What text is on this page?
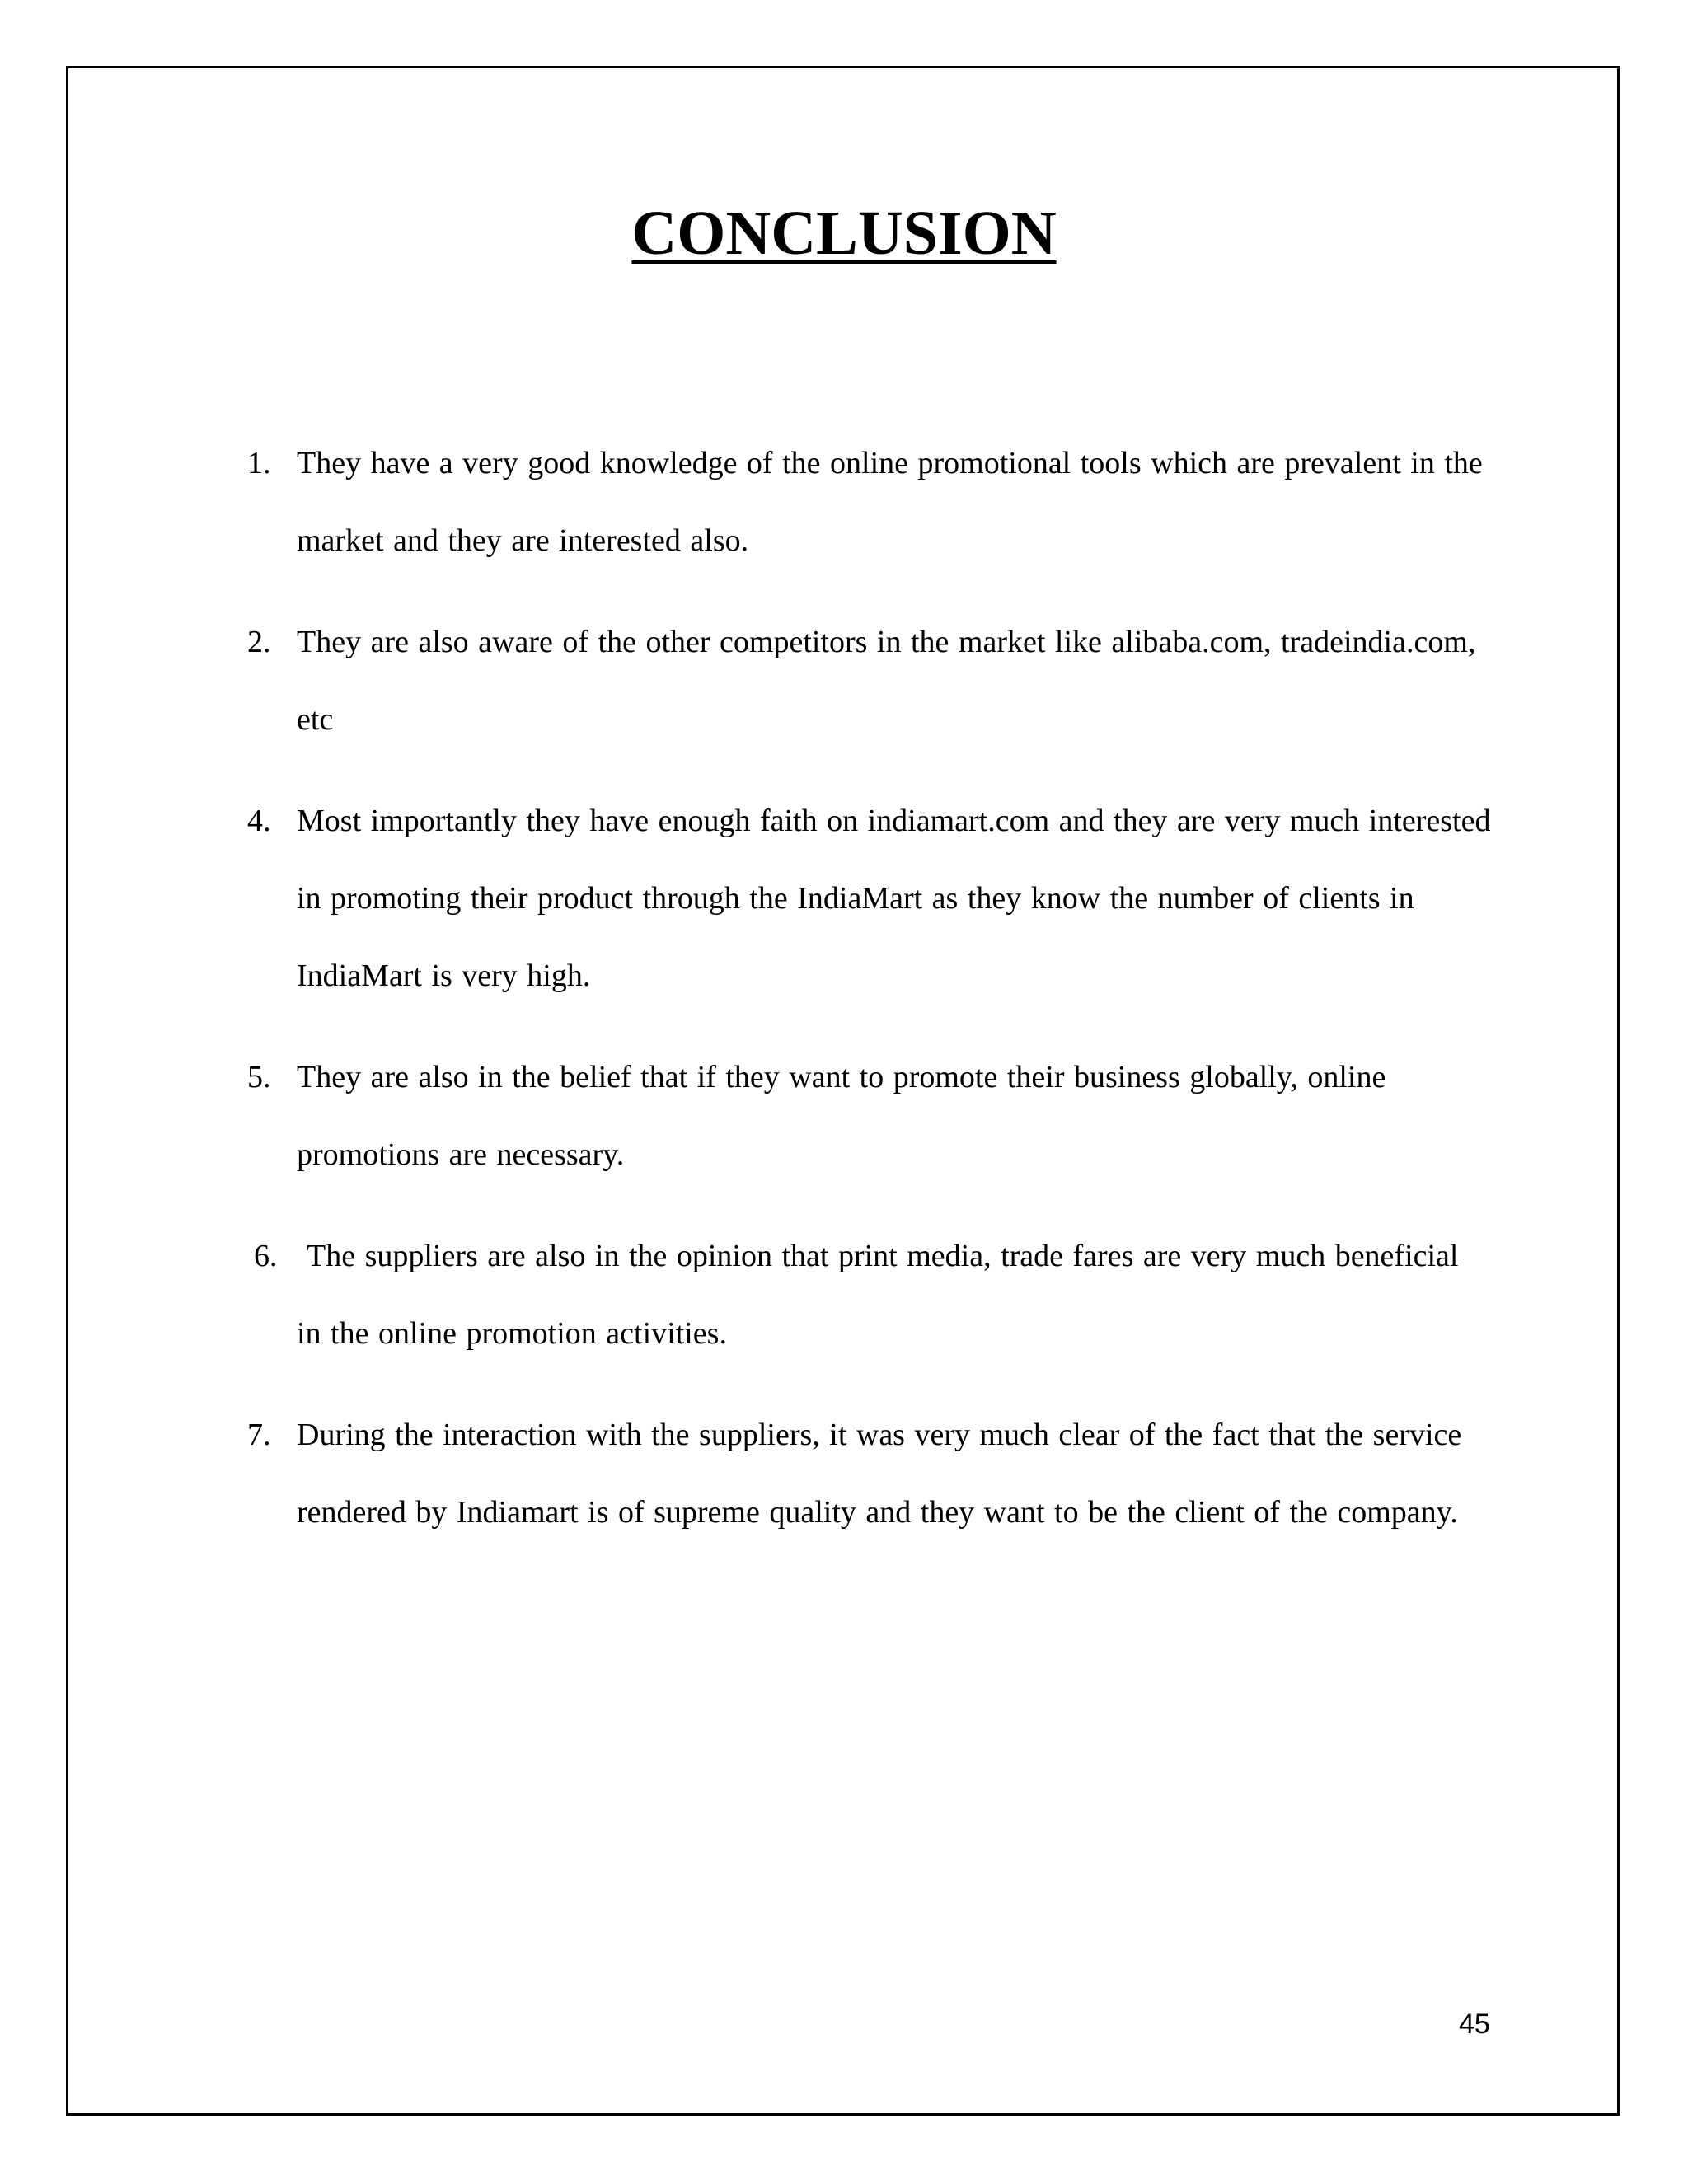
CONCLUSION
1. They have a very good knowledge of the online promotional tools which are prevalent in the market and they are interested also.
2. They are also aware of the other competitors in the market like alibaba.com, tradeindia.com, etc
4. Most importantly they have enough faith on indiamart.com and they are very much interested in promoting their product through the IndiaMart as they know the number of clients in IndiaMart is very high.
5. They are also in the belief that if they want to promote their business globally, online promotions are necessary.
6. The suppliers are also in the opinion that print media, trade fares are very much beneficial in the online promotion activities.
7. During the interaction with the suppliers, it was very much clear of the fact that the service rendered by Indiamart is of supreme quality and they want to be the client of the company.
45
